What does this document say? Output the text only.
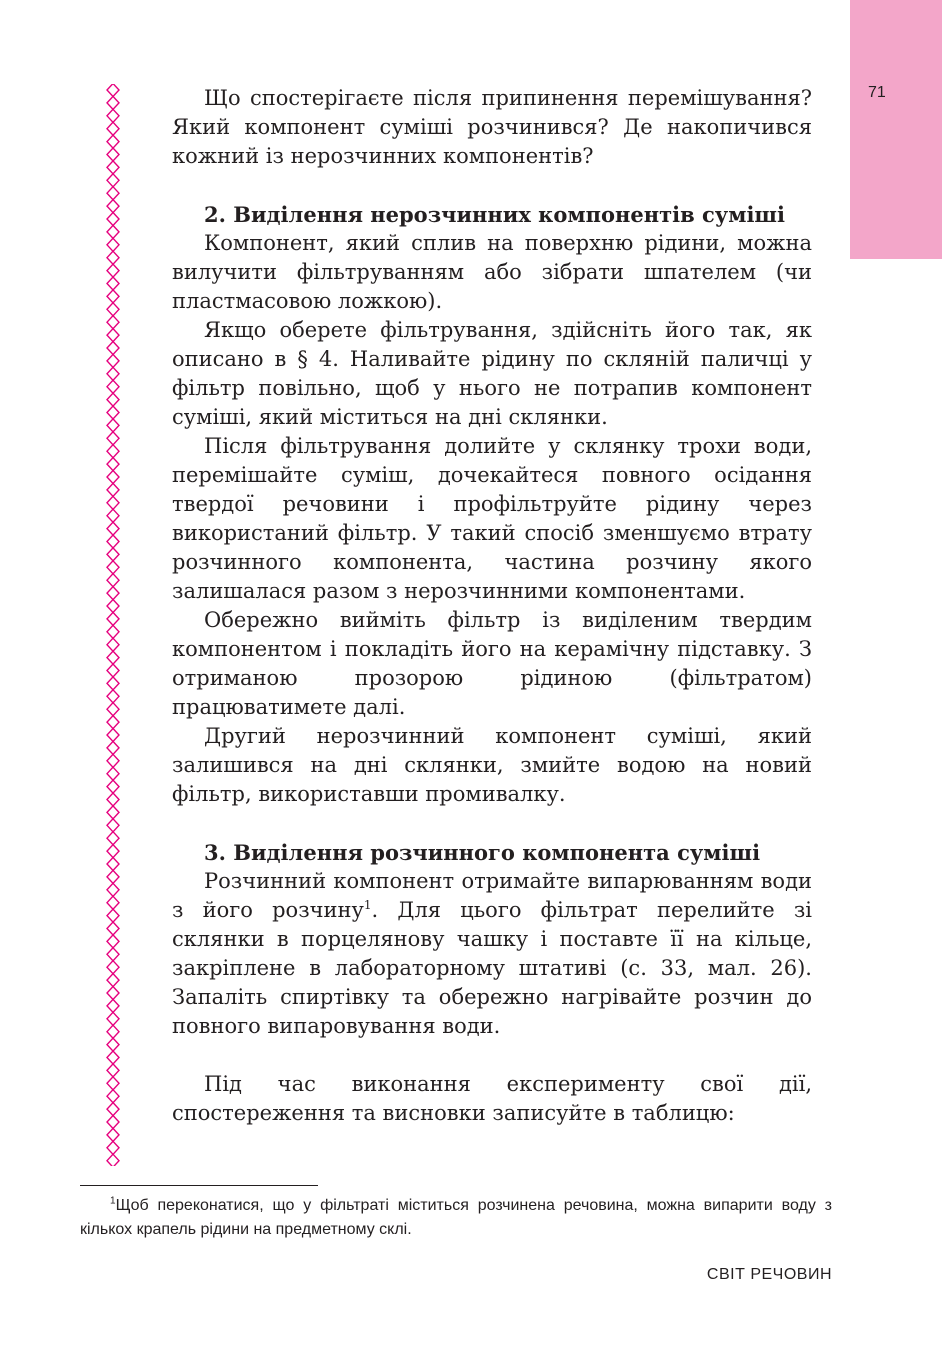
71

Що спостерігаєте після припинення перемішування? Який компонент суміші розчинився? Де накопичився кожний із нерозчинних компонентів?

2. Виділення нерозчинних компонентів суміші

Компонент, який сплив на поверхню рідини, можна вилучити фільтруванням або зібрати шпателем (чи пластмасовою ложкою).

Якщо оберете фільтрування, здійсніть його так, як описано в § 4. Наливайте рідину по скляній паличці у фільтр повільно, щоб у нього не потрапив компонент суміші, який міститься на дні склянки.

Після фільтрування долийте у склянку трохи води, перемішайте суміш, дочекайтеся повного осідання твердої речовини і профільтруйте рідину через використаний фільтр. У такий спосіб зменшуємо втрату розчинного компонента, частина розчину якого залишалася разом з нерозчинними компонентами.

Обережно вийміть фільтр із виділеним твердим компонентом і покладіть його на керамічну підставку. З отриманою прозорою рідиною (фільтратом) працюватимете далі.

Другий нерозчинний компонент суміші, який залишився на дні склянки, змийте водою на новий фільтр, використавши промивалку.

3. Виділення розчинного компонента суміші

Розчинний компонент отримайте випарюванням води з його розчину$^1$. Для цього фільтрат перелийте зі склянки в порцелянову чашку і поставте її на кільце, закріплене в лабораторному штативі (с. 33, мал. 26). Запаліть спиртівку та обережно нагрівайте розчин до повного випаровування води.

Під час виконання експерименту свої дії, спостереження та висновки записуйте в таблицю:

$^1$Щоб переконатися, що у фільтраті міститься розчинена речовина, можна випарити воду з кількох крапель рідини на предметному склі.
СВІТ РЕЧОВИН
